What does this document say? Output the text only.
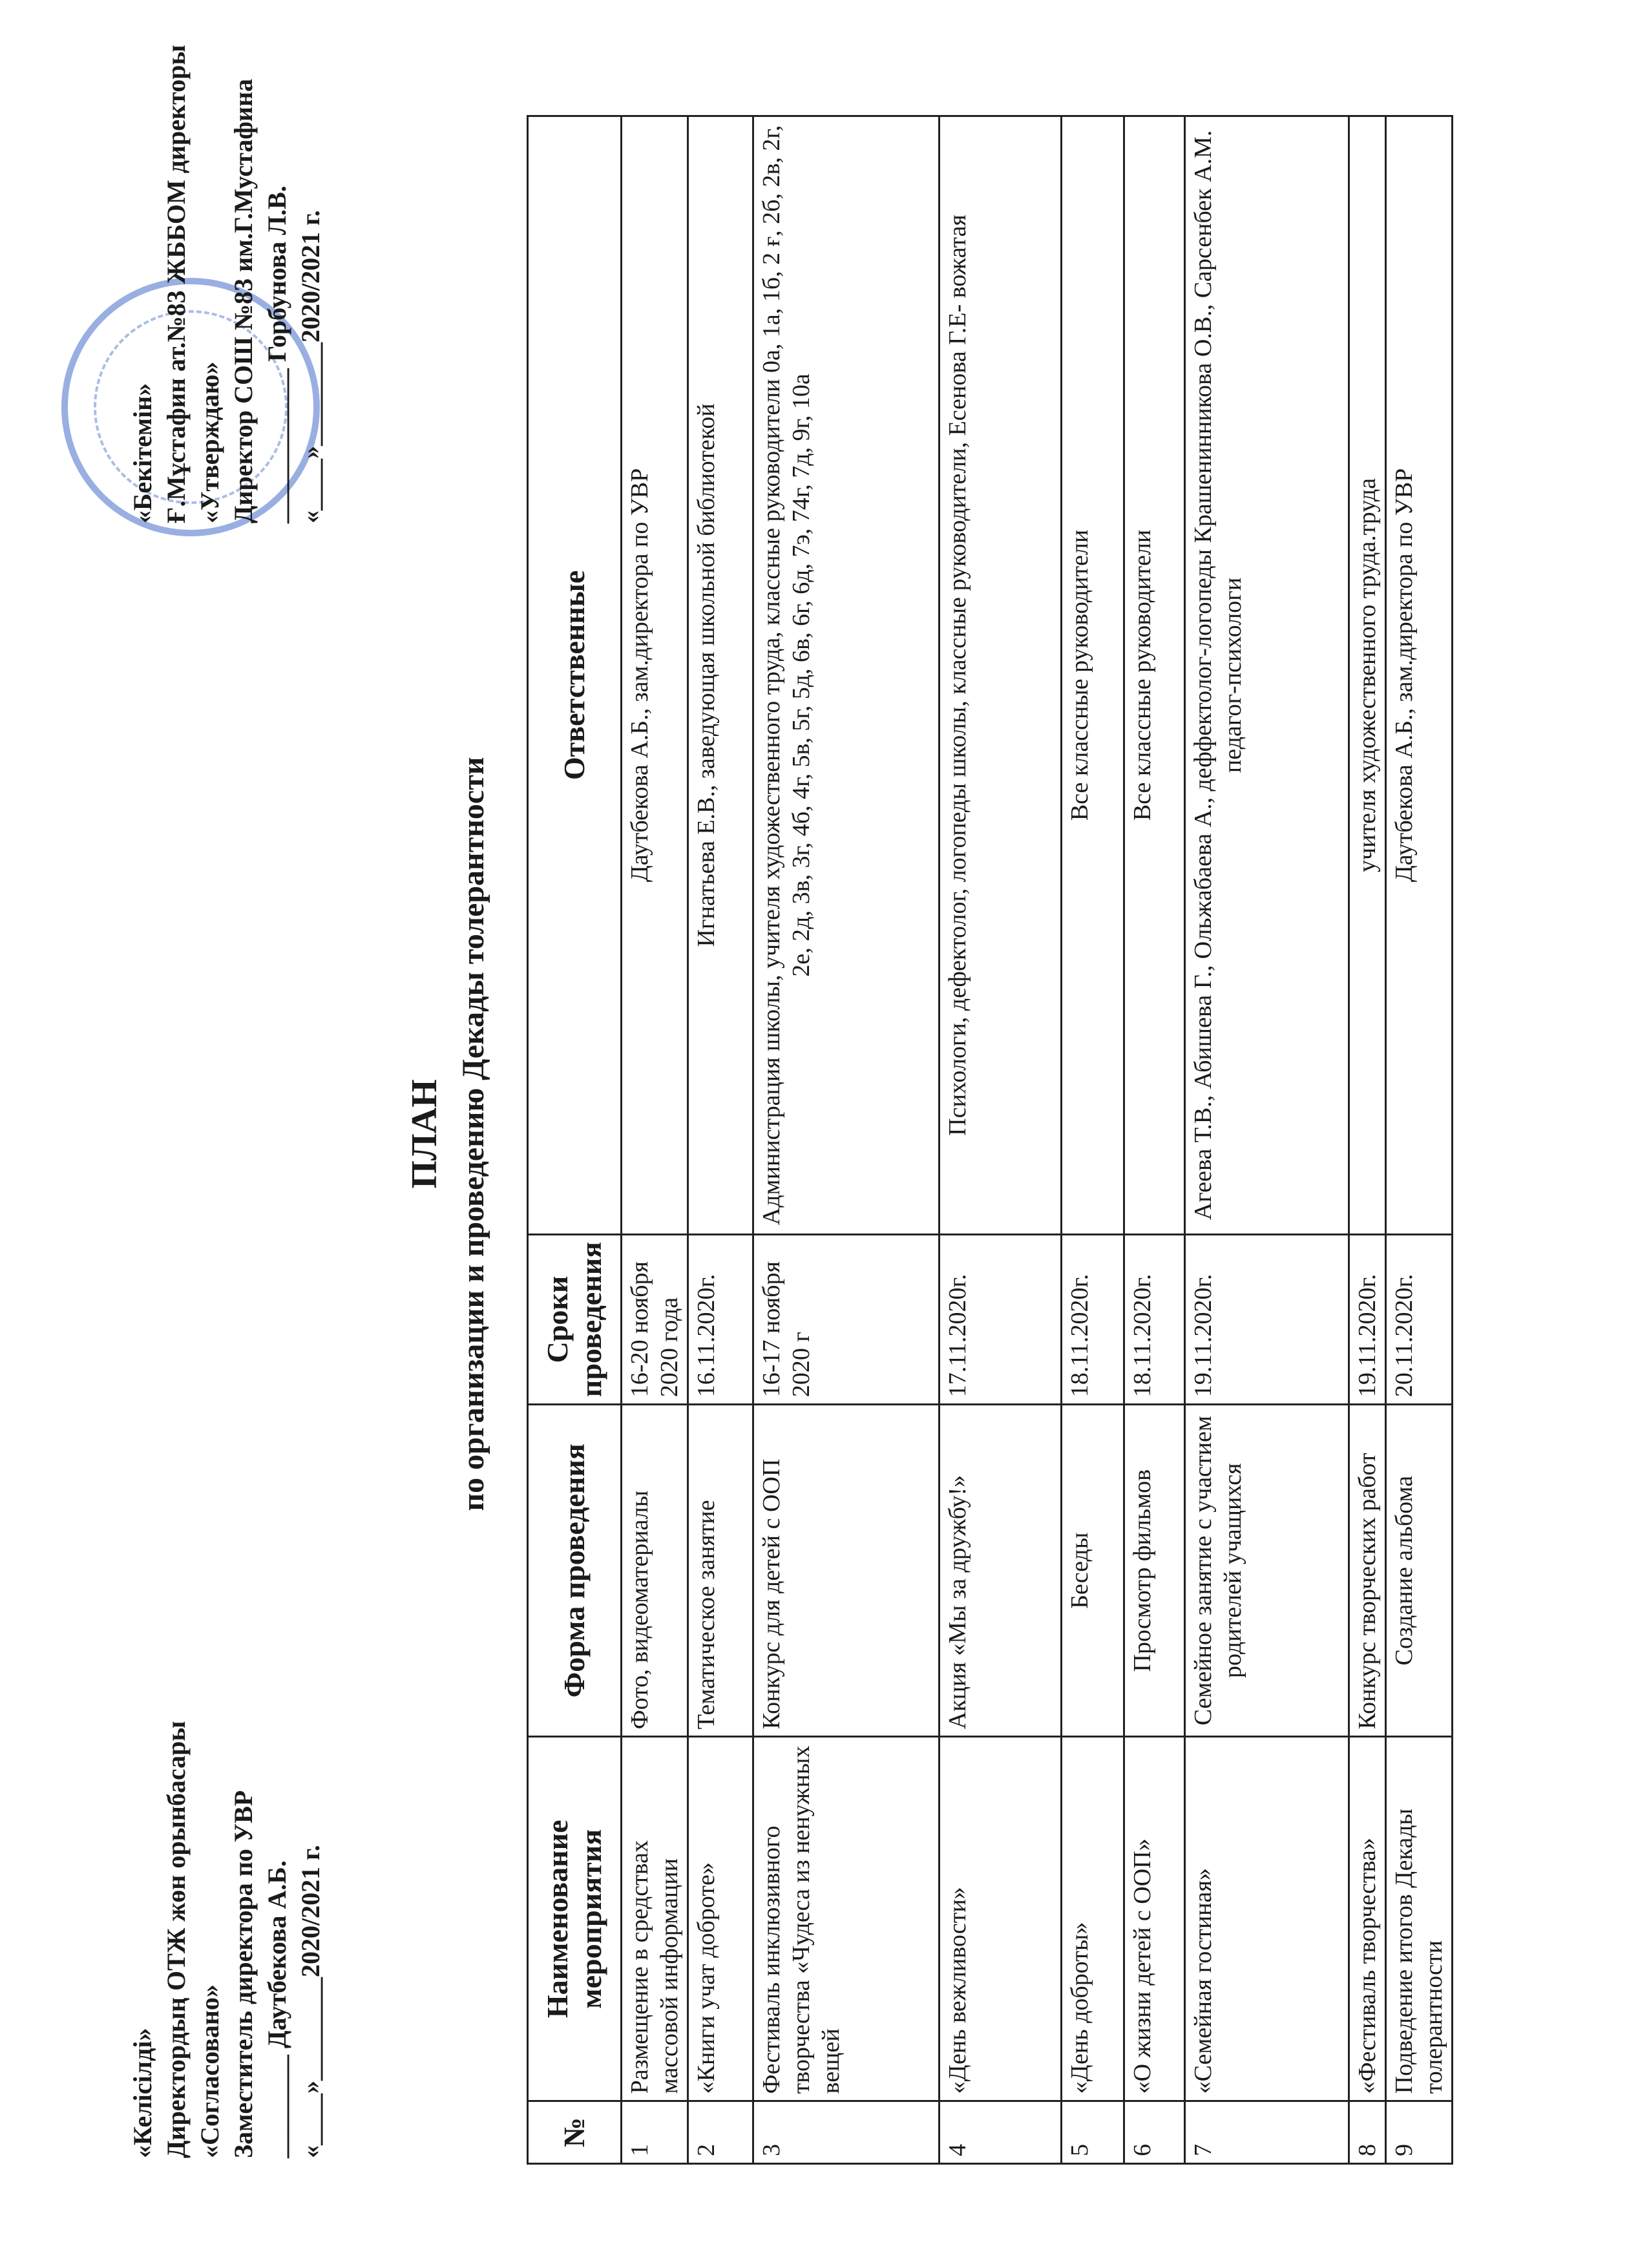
«Келісілді» Директордың ОТЖ жөн орынбасары «Согласовано» Заместитель директора по УВР ________ Даутбекова А.Б. «____»________2020/2021 г.
«Бекітемін» Ғ.Мұстафин ат.№83 ЖББОМ директоры «Утверждаю» Директор СОШ №83 им.Г.Мустафина ____________ Горбунова Л.В. «____»________2020/2021 г.
ПЛАН по организации и проведению Декады толерантности
№	Наименование мероприятия	Форма проведения	Сроки проведения	Ответственные
1	Размещение в средствах массовой информации	Фото, видеоматериалы	16-20 ноября 2020 года	Даутбекова А.Б., зам.директора по УВР
2	«Книги учат доброте»	Тематическое занятие	16.11.2020г.	Игнатьева Е.В., заведующая школьной библиотекой
3	Фестиваль инклюзивного творчества «Чудеса из ненужных вещей	Конкурс для детей с ООП	16-17 ноября 2020 г	Администрация школы, учителя художественного труда, классные руководители 0а, 1а, 1б, 2 ғ, 2б, 2в, 2г, 2е, 2д, 3в, 3г, 4б, 4г, 5в, 5г, 5д, 6в, 6г, 6д, 7э, 74г, 7д, 9г, 10а
4	«День вежливости»	Акция «Мы за дружбу!»	17.11.2020г.	Психологи, дефектолог, логопеды школы, классные руководители, Есенова Г.Е- вожатая
5	«День доброты»	Беседы	18.11.2020г.	Все классные руководители
6	«О жизни детей с ООП»	Просмотр фильмов	18.11.2020г.	Все классные руководители
7	«Семейная гостиная»	Семейное занятие с участием родителей учащихся	19.11.2020г.	Агеева Т.В., Абишева Г., Ольжабаева А., деффектолог-логопеды Крашенинникова О.В., Сарсенбек А.М. педагог-психологи
8	«Фестиваль творчества»	Конкурс творческих работ	19.11.2020г.	учителя художественного труда.труда
9	Подведение итогов Декады толерантности	Создание альбома	20.11.2020г.	Даутбекова А.Б., зам.директора по УВР
